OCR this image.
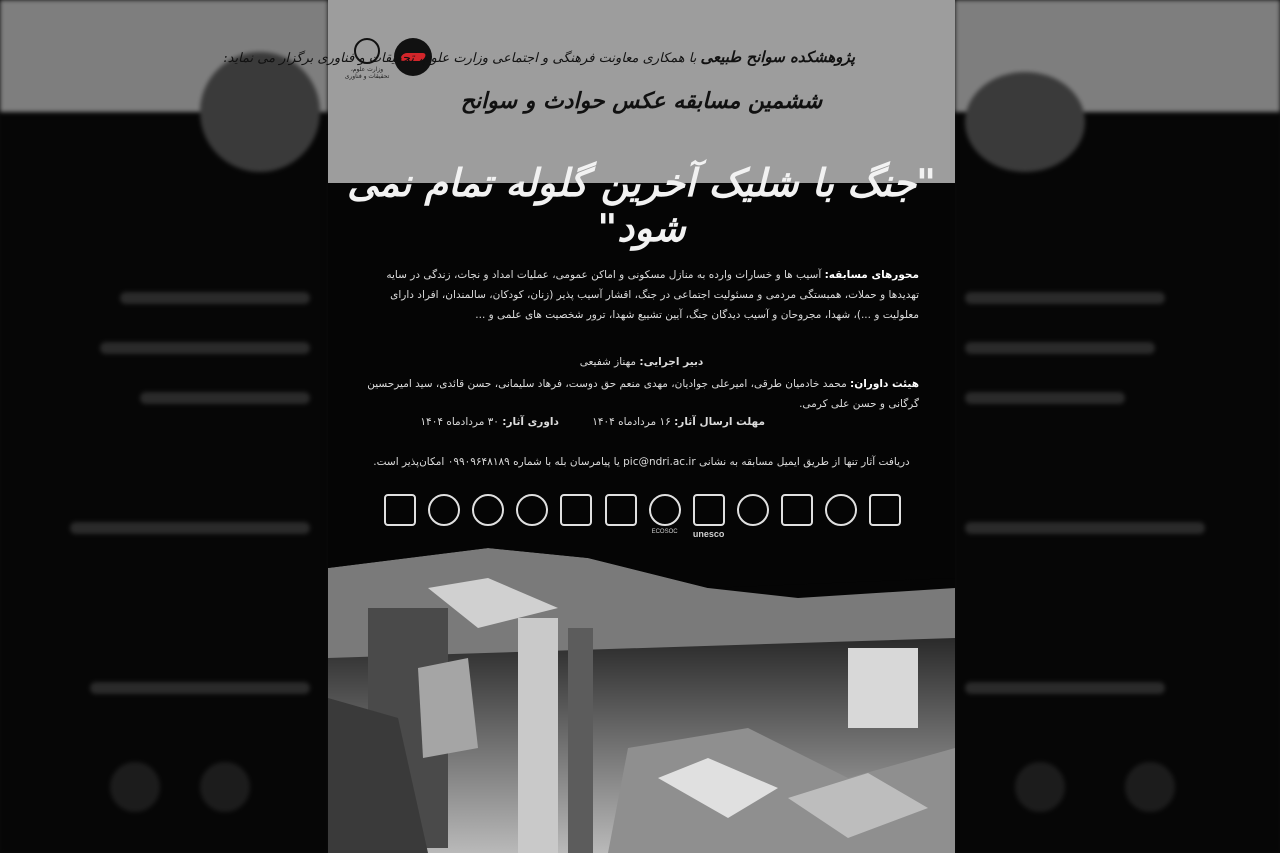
وزارت علوم، تحقیقات و فناوری
پژوهشکده سوانح طبیعی با همکاری معاونت فرهنگی و اجتماعی وزارت علوم، تحقیقات و فناوری برگزار می نماید:
ششمین مسابقه عکس حوادث و سوانح
"جنگ با شلیک آخرین گلوله تمام نمی شود"
محورهای مسابقه: آسیب ها و خسارات وارده به منازل مسکونی و اماکن عمومی، عملیات امداد و نجات، زندگی در سایه تهدیدها و حملات، همبستگی مردمی و مسئولیت اجتماعی در جنگ، اقشار آسیب پذیر (زنان، کودکان، سالمندان، افراد دارای معلولیت و ...)، شهدا، مجروحان و آسیب دیدگان جنگ، آیین تشییع شهدا، ترور شخصیت های علمی و ...
دبیر اجرایی: مهناز شفیعی
هیئت داوران: محمد خادمیان طرقی، امیرعلی جوادیان، مهدی منعم حق دوست، فرهاد سلیمانی، حسن قائدی، سید امیرحسین گرگانی و حسن علی کرمی.
مهلت ارسال آثار: ۱۶ مردادماه ۱۴۰۴ داوری آثار: ۳۰ مردادماه ۱۴۰۴
دریافت آثار تنها از طریق ایمیل مسابقه به نشانی pic@ndri.ac.ir یا پیامرسان بله با شماره ۰۹۹۰۹۶۴۸۱۸۹ امکان‌پذیر است.
ECOSOC	unesco
